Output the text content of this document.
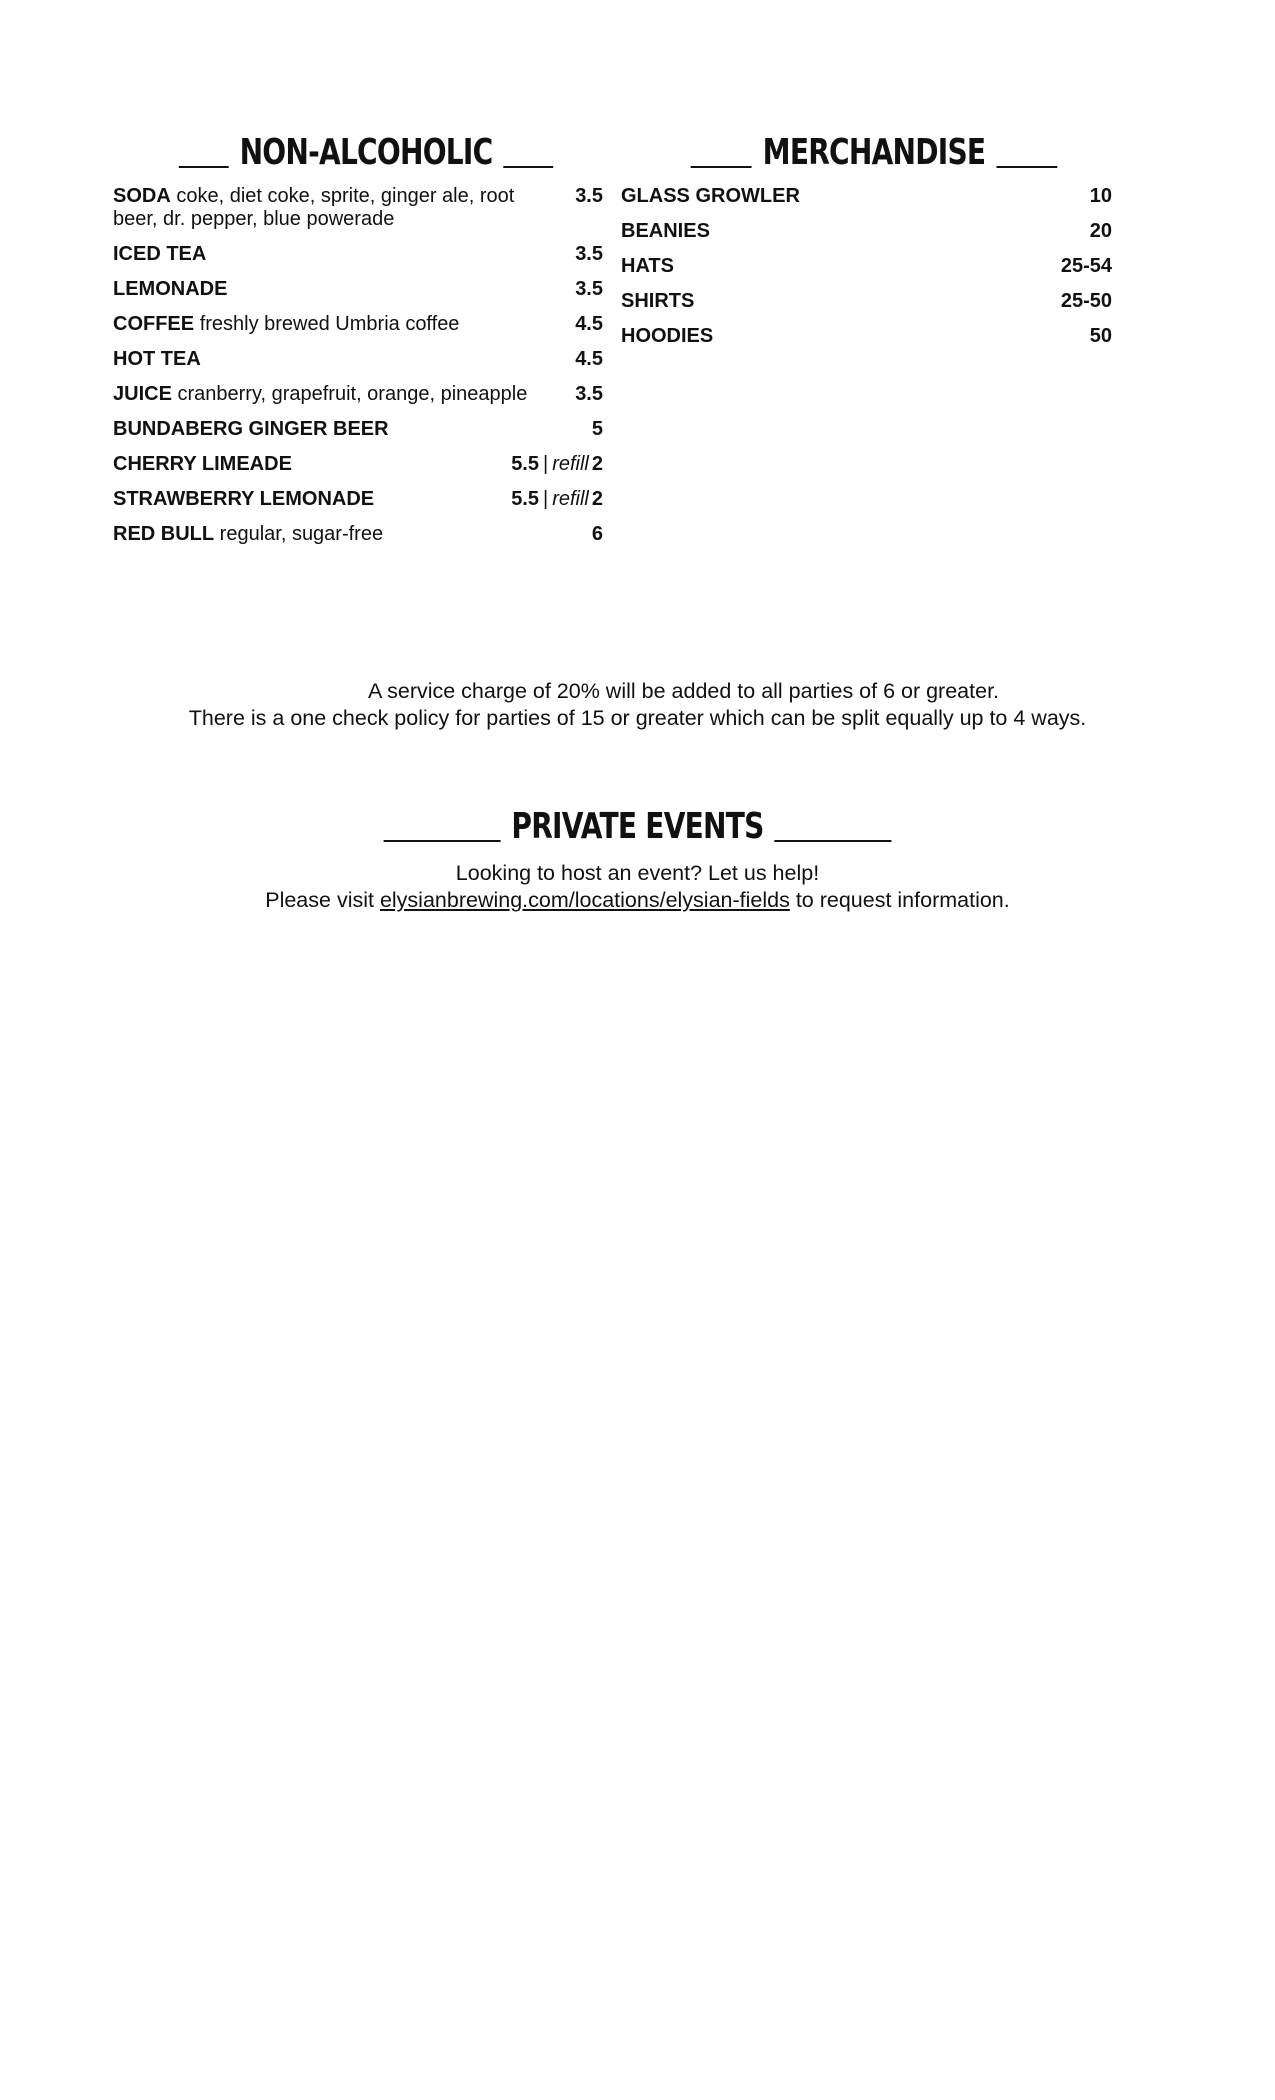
NON-ALCOHOLIC	MERCHANDISE
SODA coke, diet coke, sprite, ginger ale, root beer, dr. pepper, blue powerade
3.5
ICED TEA	3.5
LEMONADE	3.5
COFFEE freshly brewed Umbria coffee	4.5
HOT TEA	4.5
JUICE cranberry, grapefruit, orange, pineapple	3.5
BUNDABERG GINGER BEER	5
CHERRY LIMEADE	5.5 | refill 2
STRAWBERRY LEMONADE	5.5 | refill 2
RED BULL regular, sugar-free	6
GLASS GROWLER	10
BEANIES	20
HATS	25-54
SHIRTS	25-50
HOODIES	50

A service charge of 20% will be added to all parties of 6 or greater.

There is a one check policy for parties of 15 or greater which can be split equally up to 4 ways.

PRIVATE EVENTS

Looking to host an event? Let us help!

Please visit elysianbrewing.com/locations/elysian-fields to request information.
